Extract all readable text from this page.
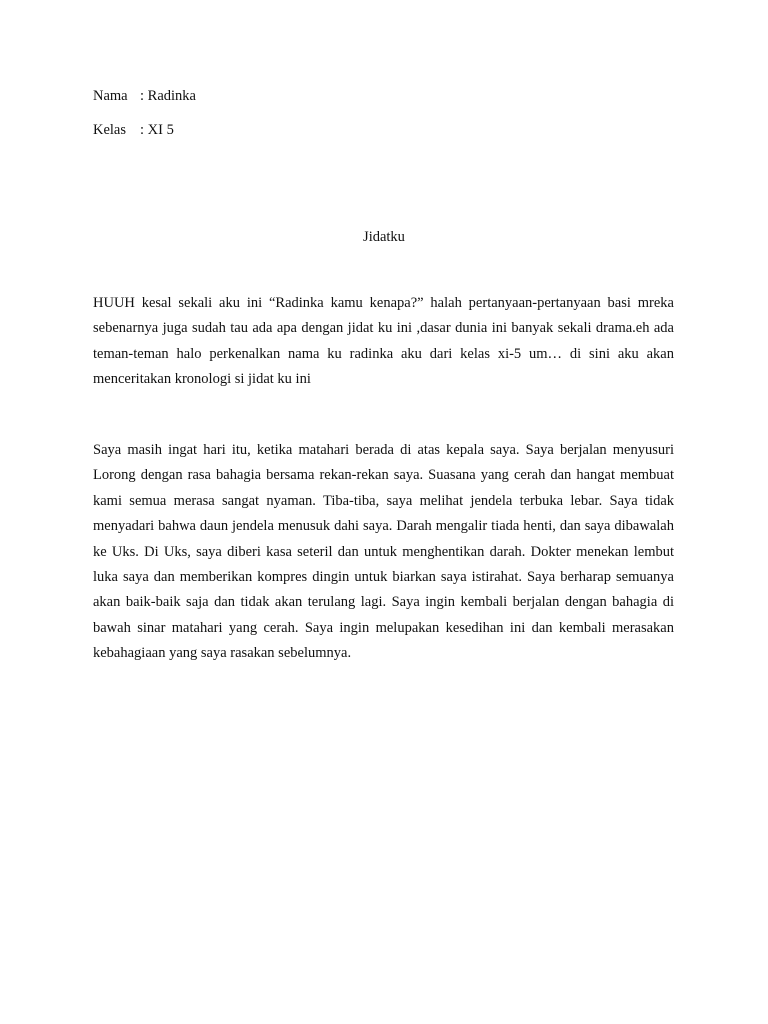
Nama : Radinka
Kelas : XI 5
Jidatku

HUUH kesal sekali aku ini “Radinka kamu kenapa?” halah pertanyaan-pertanyaan basi mreka sebenarnya juga sudah tau ada apa dengan jidat ku ini ,dasar dunia ini banyak sekali drama.eh ada teman-teman halo perkenalkan nama ku radinka aku dari kelas xi-5 um… di sini aku akan menceritakan kronologi si jidat ku ini

Saya masih ingat hari itu, ketika matahari berada di atas kepala saya. Saya berjalan menyusuri Lorong dengan rasa bahagia bersama rekan-rekan saya. Suasana yang cerah dan hangat membuat kami semua merasa sangat nyaman. Tiba-tiba, saya melihat jendela terbuka lebar. Saya tidak menyadari bahwa daun jendela menusuk dahi saya. Darah mengalir tiada henti, dan saya dibawalah ke Uks. Di Uks, saya diberi kasa seteril dan untuk menghentikan darah. Dokter menekan lembut luka saya dan memberikan kompres dingin untuk biarkan saya istirahat. Saya berharap semuanya akan baik-baik saja dan tidak akan terulang lagi. Saya ingin kembali berjalan dengan bahagia di bawah sinar matahari yang cerah. Saya ingin melupakan kesedihan ini dan kembali merasakan kebahagiaan yang saya rasakan sebelumnya.
